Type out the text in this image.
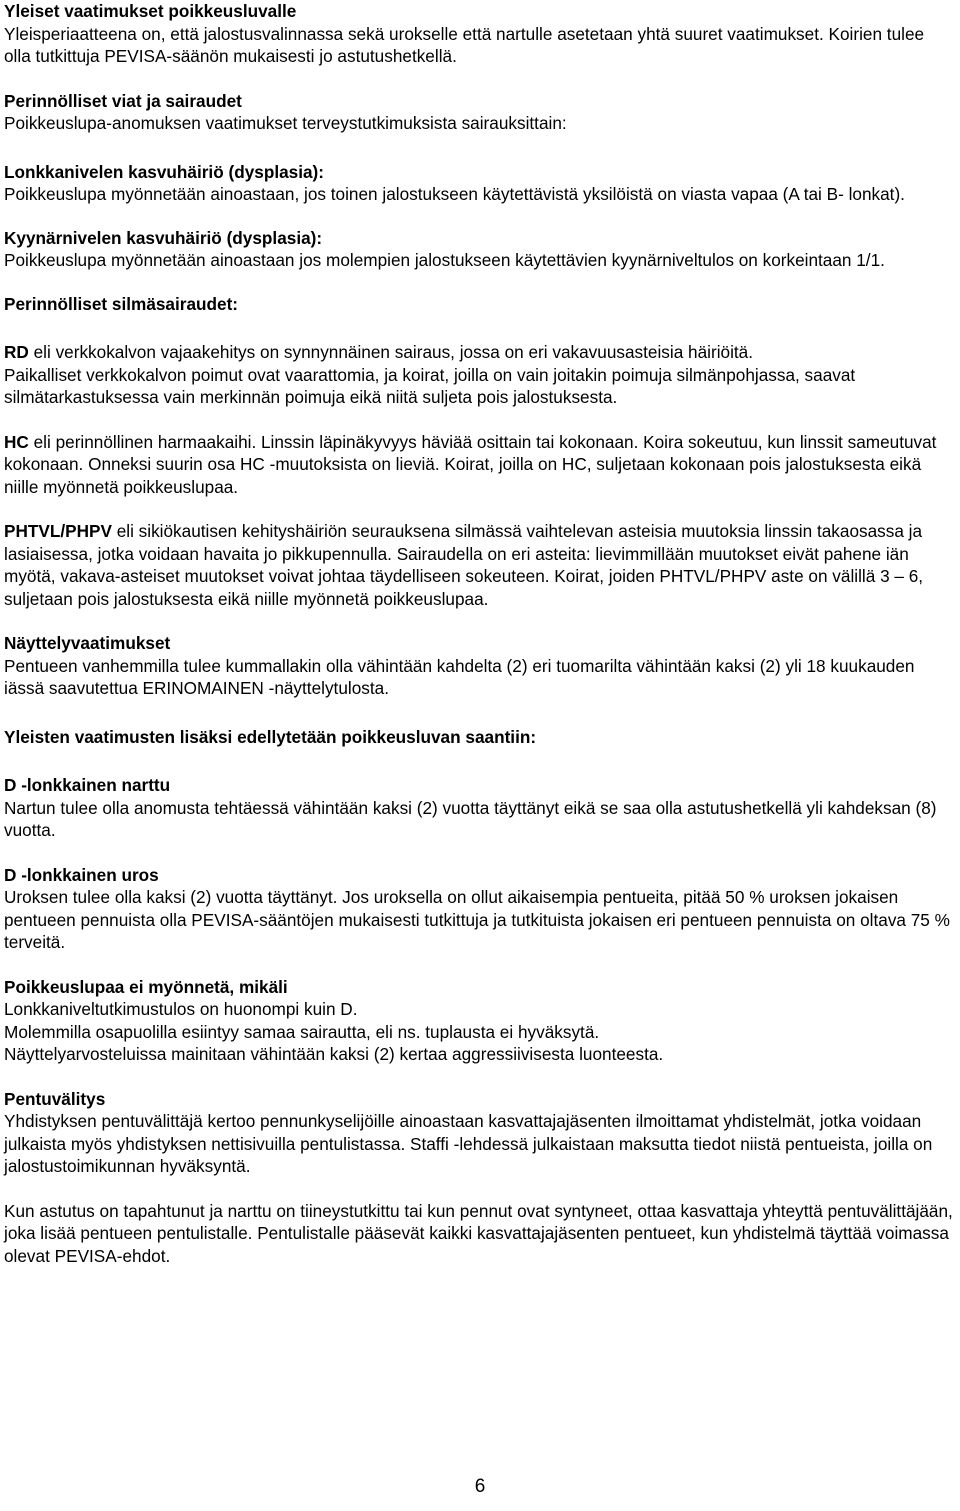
Yleiset vaatimukset poikkeusluvalle

Yleisperiaatteena on, että jalostusvalinnassa sekä urokselle että nartulle asetetaan yhtä suuret vaatimukset. Koirien tulee olla tutkittuja PEVISA-säänön mukaisesti jo astutushetkellä.

Perinnölliset viat ja sairaudet

Poikkeuslupa-anomuksen vaatimukset terveystutkimuksista sairauksittain:

Lonkkanivelen kasvuhäiriö (dysplasia):

Poikkeuslupa myönnetään ainoastaan, jos toinen jalostukseen käytettävistä yksilöistä on viasta vapaa (A tai B- lonkat).

Kyynärnivelen kasvuhäiriö (dysplasia):

Poikkeuslupa myönnetään ainoastaan jos molempien jalostukseen käytettävien kyynärniveltulos on korkeintaan 1/1.

Perinnölliset silmäsairaudet:

RD eli verkkokalvon vajaakehitys on synnynnäinen sairaus, jossa on eri vakavuusasteisia häiriöitä.

Paikalliset verkkokalvon poimut ovat vaarattomia, ja koirat, joilla on vain joitakin poimuja silmänpohjassa, saavat silmätarkastuksessa vain merkinnän poimuja eikä niitä suljeta pois jalostuksesta.

HC eli perinnöllinen harmaakaihi. Linssin läpinäkyvyys häviää osittain tai kokonaan. Koira sokeutuu, kun linssit sameutuvat kokonaan. Onneksi suurin osa HC -muutoksista on lieviä. Koirat, joilla on HC, suljetaan kokonaan pois jalostuksesta eikä niille myönnetä poikkeuslupaa.

PHTVL/PHPV eli sikiökautisen kehityshäiriön seurauksena silmässä vaihtelevan asteisia muutoksia linssin takaosassa ja lasiaisessa, jotka voidaan havaita jo pikkupennulla. Sairaudella on eri asteita: lievimmillään muutokset eivät pahene iän myötä, vakava-asteiset muutokset voivat johtaa täydelliseen sokeuteen. Koirat, joiden PHTVL/PHPV aste on välillä 3 – 6, suljetaan pois jalostuksesta eikä niille myönnetä poikkeuslupaa.

Näyttelyvaatimukset

Pentueen vanhemmilla tulee kummallakin olla vähintään kahdelta (2) eri tuomarilta vähintään kaksi (2) yli 18 kuukauden iässä saavutettua ERINOMAINEN -näyttelytulosta.

Yleisten vaatimusten lisäksi edellytetään poikkeusluvan saantiin:

D -lonkkainen narttu

Nartun tulee olla anomusta tehtäessä vähintään kaksi (2) vuotta täyttänyt eikä se saa olla astutushetkellä yli kahdeksan (8) vuotta.

D -lonkkainen uros

Uroksen tulee olla kaksi (2) vuotta täyttänyt. Jos uroksella on ollut aikaisempia pentueita, pitää 50 % uroksen jokaisen pentueen pennuista olla PEVISA-sääntöjen mukaisesti tutkittuja ja tutkituista jokaisen eri pentueen pennuista on oltava 75 % terveitä.

Poikkeuslupaa ei myönnetä, mikäli

Lonkkaniveltutkimustulos on huonompi kuin D.

Molemmilla osapuolilla esiintyy samaa sairautta, eli ns. tuplausta ei hyväksytä.

Näyttelyarvosteluissa mainitaan vähintään kaksi (2) kertaa aggressiivisesta luonteesta.

Pentuvälitys

Yhdistyksen pentuvälittäjä kertoo pennunkyselijöille ainoastaan kasvattajajäsenten ilmoittamat yhdistelmät, jotka voidaan julkaista myös yhdistyksen nettisivuilla pentulistassa. Staffi -lehdessä julkaistaan maksutta tiedot niistä pentueista, joilla on jalostustoimikunnan hyväksyntä.

Kun astutus on tapahtunut ja narttu on tiineystutkittu tai kun pennut ovat syntyneet, ottaa kasvattaja yhteyttä pentuvälittäjään, joka lisää pentueen pentulistalle. Pentulistalle pääsevät kaikki kasvattajajäsenten pentueet, kun yhdistelmä täyttää voimassa olevat PEVISA-ehdot.

6
